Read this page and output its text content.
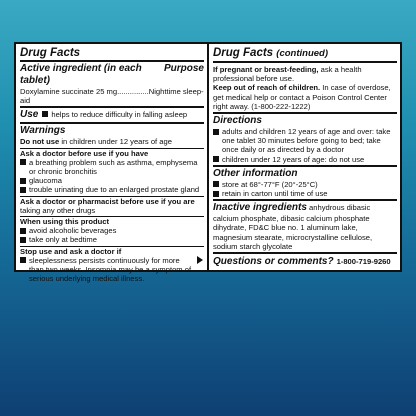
Drug Facts
Active ingredient (in each tablet)
Purpose
Doxylamine succinate 25 mg...............Nighttime sleep-aid
Use helps to reduce difficulty in falling asleep
Warnings
Do not use in children under 12 years of age
Ask a doctor before use if you have
a breathing problem such as asthma, emphysema or chronic bronchitis
glaucoma
trouble urinating due to an enlarged prostate gland
Ask a doctor or pharmacist before use if you are taking any other drugs
When using this product
avoid alcoholic beverages
take only at bedtime
Stop use and ask a doctor if
sleeplessness persists continuously for more than two weeks. Insomnia may be a symptom of serious underlying medical illness.
Drug Facts (continued)
If pregnant or breast-feeding, ask a health professional before use.
Keep out of reach of children. In case of overdose, get medical help or contact a Poison Control Center right away. (1-800-222-1222)
Directions
adults and children 12 years of age and over: take one tablet 30 minutes before going to bed; take once daily or as directed by a doctor
children under 12 years of age: do not use
Other information
store at 68°-77°F (20°-25°C)
retain in carton until time of use
Inactive ingredients anhydrous dibasic calcium phosphate, dibasic calcium phosphate dihydrate, FD&C blue no. 1 aluminum lake, magnesium stearate, microcrystalline cellulose, sodium starch glycolate
Questions or comments? 1-800-719-9260
